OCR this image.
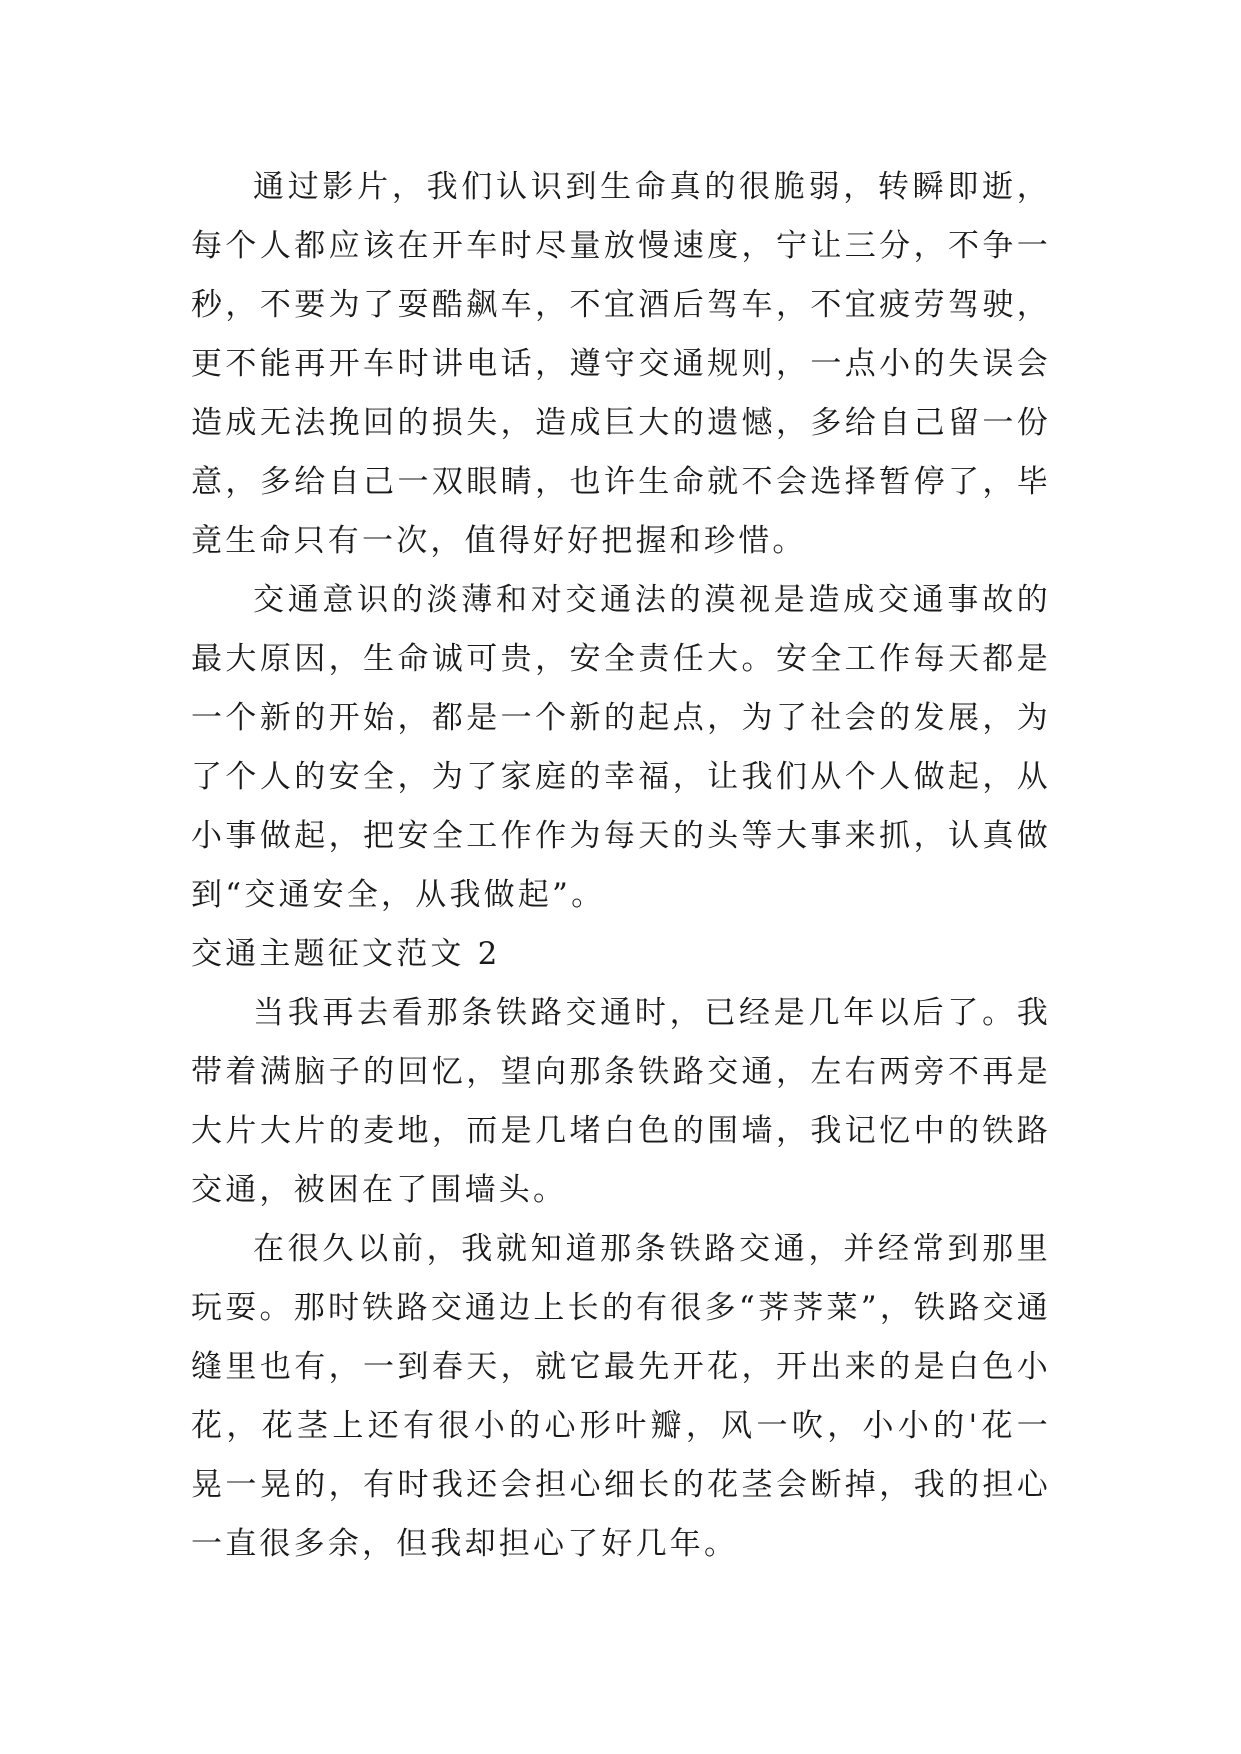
通过影片，我们认识到生命真的很脆弱，转瞬即逝，每个人都应该在开车时尽量放慢速度，宁让三分，不争一秒，不要为了耍酷飙车，不宜酒后驾车，不宜疲劳驾驶，更不能再开车时讲电话，遵守交通规则，一点小的失误会造成无法挽回的损失，造成巨大的遗憾，多给自己留一份意，多给自己一双眼睛，也许生命就不会选择暂停了，毕竟生命只有一次，值得好好把握和珍惜。

交通意识的淡薄和对交通法的漠视是造成交通事故的最大原因，生命诚可贵，安全责任大。安全工作每天都是一个新的开始，都是一个新的起点，为了社会的发展，为了个人的安全，为了家庭的幸福，让我们从个人做起，从小事做起，把安全工作作为每天的头等大事来抓，认真做到“交通安全，从我做起”。

交通主题征文范文 2

当我再去看那条铁路交通时，已经是几年以后了。我带着满脑子的回忆，望向那条铁路交通，左右两旁不再是大片大片的麦地，而是几堵白色的围墙，我记忆中的铁路交通，被困在了围墙头。

在很久以前，我就知道那条铁路交通，并经常到那里玩耍。那时铁路交通边上长的有很多“荠荠菜”，铁路交通缝里也有，一到春天，就它最先开花，开出来的是白色小花，花茎上还有很小的心形叶瓣，风一吹，小小的'花一晃一晃的，有时我还会担心细长的花茎会断掉，我的担心一直很多余，但我却担心了好几年。
